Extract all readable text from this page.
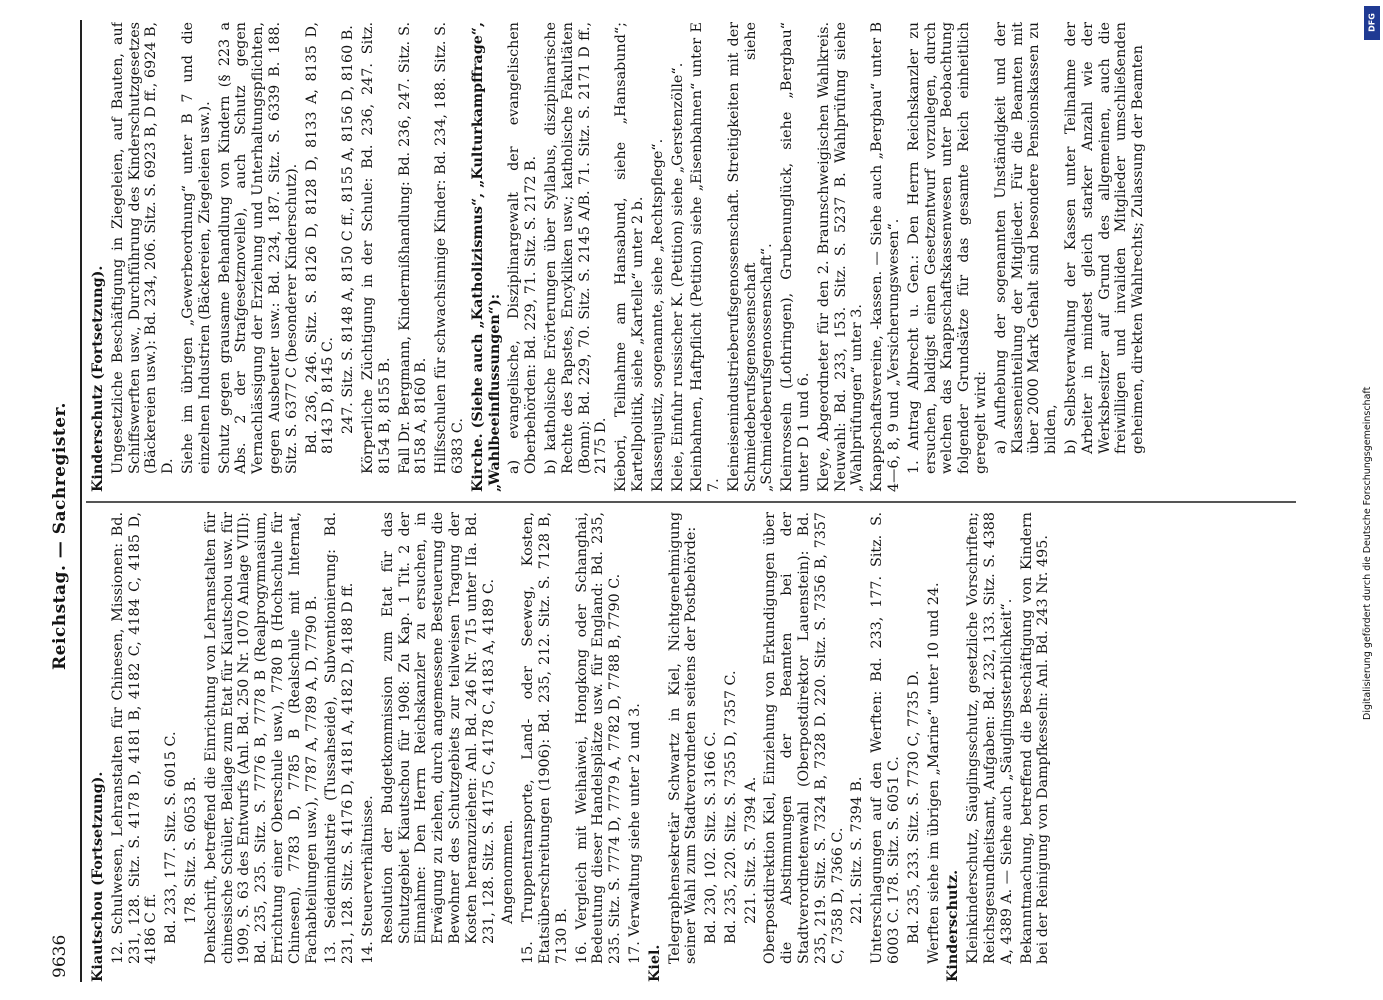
9636
Reichstag. — Sachregister.

Kiautschou (Fortsetzung). 12. Schulwesen, Lehranstalten für Chinesen, Missionen: Bd. 231, 128. Sitz. S. 4178 D, 4181 B, 4182 C, 4184 C, 4185 D, 4186 C ff. Bd. 233, 177. Sitz. S. 6015 C. 178. Sitz. S. 6053 B. Denkschrift, betreffend die Einrichtung von Lehranstalten für chinesische Schüler, Beilage zum Etat für Kiautschou usw. für 1909, S. 63 des Entwurfs (Anl. Bd. 250 Nr. 1070 Anlage VIII): Bd. 235, 235. Sitz. S. 7776 B, 7778 B (Realprogymnasium, Errichtung einer Oberschule usw.), 7780 B (Hochschule für Chinesen), 7783 D, 7785 B (Realschule mit Internat, Fachabteilungen usw.), 7787 A, 7789 A, D, 7790 B. 13. Seidenindustrie (Tussahseide), Subventionierung: Bd. 231, 128. Sitz. S. 4176 D, 4181 A, 4182 D, 4188 D ff. 14. Steuerverhältnisse. Resolution der Budgetkommission zum Etat für das Schutzgebiet Kiautschou für 1908: Zu Kap. 1 Tit. 2 der Einnahme: Den Herrn Reichskanzler zu ersuchen, in Erwägung zu ziehen, durch angemessene Besteuerung die Bewohner des Schutzgebiets zur teilweisen Tragung der Kosten heranzuziehen: Anl. Bd. 246 Nr. 715 unter IIa. Bd. 231, 128. Sitz. S. 4175 C, 4178 C, 4183 A, 4189 C. Angenommen. 15. Truppentransporte, Land- oder Seeweg, Kosten, Etatsüberschreitungen (1906): Bd. 235, 212. Sitz. S. 7128 B, 7130 B. 16. Vergleich mit Weihaiwei, Hongkong oder Schanghai, Bedeutung dieser Handelsplätze usw. für England: Bd. 235, 235. Sitz. S. 7774 D, 7779 A, 7782 D, 7788 B, 7790 C. 17. Verwaltung siehe unter 2 und 3. Kiel. Telegraphensekretär Schwartz in Kiel, Nichtgenehmigung seiner Wahl zum Stadtverordneten seitens der Postbehörde: Bd. 230, 102. Sitz. S. 3166 C. Bd. 235, 220. Sitz. S. 7355 D, 7357 C. 221. Sitz. S. 7394 A. Oberpostdirektion Kiel, Einziehung von Erkundigungen über die Abstimmungen der Beamten bei der Stadtverordnetenwahl (Oberpostdirektor Lauenstein): Bd. 235, 219. Sitz. S. 7324 B, 7328 D. 220. Sitz. S. 7356 B, 7357 C, 7358 D, 7366 C. 221. Sitz. S. 7394 B. Unterschlagungen auf den Werften: Bd. 233, 177. Sitz. S. 6003 C. 178. Sitz. S. 6051 C. Bd. 235, 233. Sitz. S. 7730 C, 7735 D. Werften siehe im übrigen „Marine“ unter 10 und 24. Kinderschutz. Kleinkinderschutz, Säuglingsschutz, gesetzliche Vorschriften; Reichsgesundheitsamt, Aufgaben: Bd. 232, 133. Sitz. S. 4388 A, 4389 A. — Siehe auch „Säuglingssterblichkeit“. Bekanntmachung, betreffend die Beschäftigung von Kindern bei der Reinigung von Dampfkesseln: Anl. Bd. 243 Nr. 495.

Kinderschutz (Fortsetzung). Ungesetzliche Beschäftigung in Ziegeleien, auf Bauten, auf Schiffswerften usw., Durchführung des Kinderschutzgesetzes (Bäckereien usw.): Bd. 234, 206. Sitz. S. 6923 B, D ff., 6924 B, D. Siehe im übrigen „Gewerbeordnung“ unter B 7 und die einzelnen Industrien (Bäckereien, Ziegeleien usw.). Schutz gegen grausame Behandlung von Kindern (§ 223 a Abs. 2 der Strafgesetznovelle), auch Schutz gegen Vernachlässigung der Erziehung und Unterhaltungspflichten, gegen Ausbeuter usw.: Bd. 234, 187. Sitz. S. 6339 B. 188. Sitz. S. 6377 C (besonderer Kinderschutz). Bd. 236, 246. Sitz. S. 8126 D, 8128 D, 8133 A, 8135 D, 8143 D, 8145 C. 247. Sitz. S. 8148 A, 8150 C ff., 8155 A, 8156 D, 8160 B. Körperliche Züchtigung in der Schule: Bd. 236, 247. Sitz. 8154 B, 8155 B. Fall Dr. Bergmann, Kindermißhandlung: Bd. 236, 247. Sitz. S. 8158 A, 8160 B. Hilfsschulen für schwachsinnige Kinder: Bd. 234, 188. Sitz. S. 6383 C. Kirche. (Siehe auch „Katholizismus“, „Kulturkampffrage“, „Wahlbeeinflussungen“): a) evangelische, Disziplinargewalt der evangelischen Oberbehörden: Bd. 229, 71. Sitz. S. 2172 B. b) katholische Erörterungen über Syllabus, disziplinarische Rechte des Papstes, Encykliken usw.; katholische Fakultäten (Bonn): Bd. 229, 70. Sitz. S. 2145 A/B. 71. Sitz. S. 2171 D ff., 2175 D. Kiebori, Teilnahme am Hansabund, siehe „Hansabund“; Kartellpolitik, siehe „Kartelle“ unter 2 b. Klassenjustiz, sogenannte, siehe „Rechtspflege“. Kleie, Einfuhr russischer K. (Petition) siehe „Gerstenzölle“. Kleinbahnen, Haftpflicht (Petition) siehe „Eisenbahnen“ unter E 7. Kleineisenindustrieberufsgenossenschaft. Streitigkeiten mit der Schmiedeberufsgenossenschaft siehe „Schmiedeberufsgenossenschaft“. Kleinrosseln (Lothringen), Grubenunglück, siehe „Bergbau“ unter D 1 und 6. Kleye, Abgeordneter für den 2. Braunschweigischen Wahlkreis. Neuwahl: Bd. 233, 153. Sitz. S. 5237 B. Wahlprüfung siehe „Wahlprüfungen“ unter 3. Knappschaftsvereine, -kassen. — Siehe auch „Bergbau“ unter B 4—6, 8, 9 und „Versicherungswesen“. 1. Antrag Albrecht u. Gen.: Den Herrn Reichskanzler zu ersuchen, baldigst einen Gesetzentwurf vorzulegen, durch welchen das Knappschaftskassenwesen unter Beobachtung folgender Grundsätze für das gesamte Reich einheitlich geregelt wird: a) Aufhebung der sogenannten Unständigkeit und der Klasseneinteilung der Mitglieder. Für die Beamten mit über 2000 Mark Gehalt sind besondere Pensionskassen zu bilden, b) Selbstverwaltung der Kassen unter Teilnahme der Arbeiter in mindest gleich starker Anzahl wie der Werksbesitzer auf Grund des allgemeinen, auch die freiwilligen und invaliden Mitglieder umschließenden geheimen, direkten Wahlrechts; Zulassung der Beamten

DFG
Digitalisierung gefördert durch die Deutsche Forschungsgemeinschaft
